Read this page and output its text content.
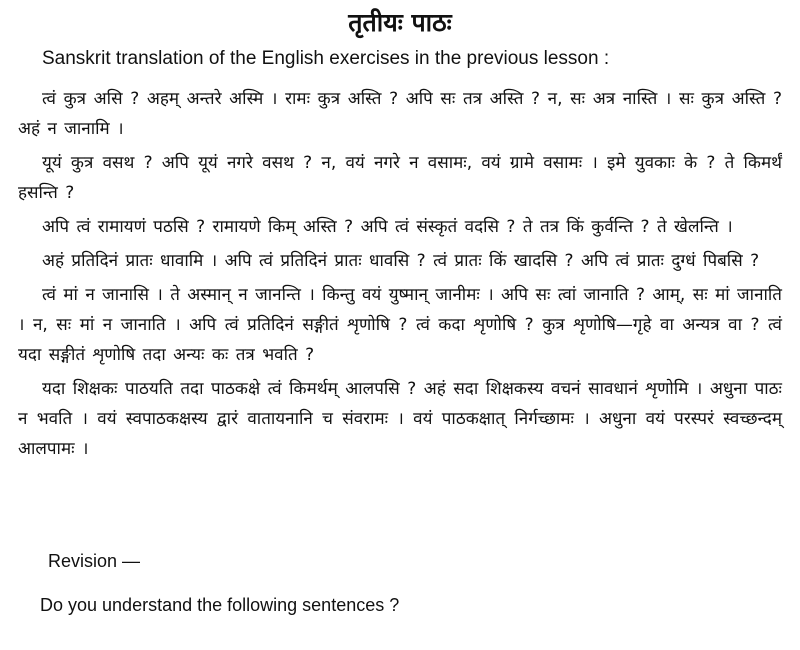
तृतीयः पाठः

Sanskrit translation of the English exercises in the previous lesson :

त्वं कुत्र असि ? अहम् अन्तरे अस्मि । रामः कुत्र अस्ति ? अपि सः तत्र अस्ति ? न, सः अत्र नास्ति । सः कुत्र अस्ति ? अहं न जानामि ।

यूयं कुत्र वसथ ? अपि यूयं नगरे वसथ ? न, वयं नगरे न वसामः, वयं ग्रामे वसामः । इमे युवकाः के ? ते किमर्थं हसन्ति ?

अपि त्वं रामायणं पठसि ? रामायणे किम् अस्ति ? अपि त्वं संस्कृतं वदसि ? ते तत्र किं कुर्वन्ति ? ते खेलन्ति ।

अहं प्रतिदिनं प्रातः धावामि । अपि त्वं प्रतिदिनं प्रातः धावसि ? त्वं प्रातः किं खादसि ? अपि त्वं प्रातः दुग्धं पिबसि ?

त्वं मां न जानासि । ते अस्मान् न जानन्ति । किन्तु वयं युष्मान् जानीमः । अपि सः त्वां जानाति ? आम्, सः मां जानाति । न, सः मां न जानाति । अपि त्वं प्रतिदिनं सङ्गीतं शृणोषि ? त्वं कदा शृणोषि ? कुत्र शृणोषि—गृहे वा अन्यत्र वा ? त्वं यदा सङ्गीतं शृणोषि तदा अन्यः कः तत्र भवति ?

यदा शिक्षकः पाठयति तदा पाठकक्षे त्वं किमर्थम् आलपसि ? अहं सदा शिक्षकस्य वचनं सावधानं शृणोमि । अधुना पाठः न भवति । वयं स्वपाठकक्षस्य द्वारं वातायनानि च संवरामः । वयं पाठकक्षात् निर्गच्छामः । अधुना वयं परस्परं स्वच्छन्दम् आलपामः ।

Revision —

Do you understand the following sentences ?
